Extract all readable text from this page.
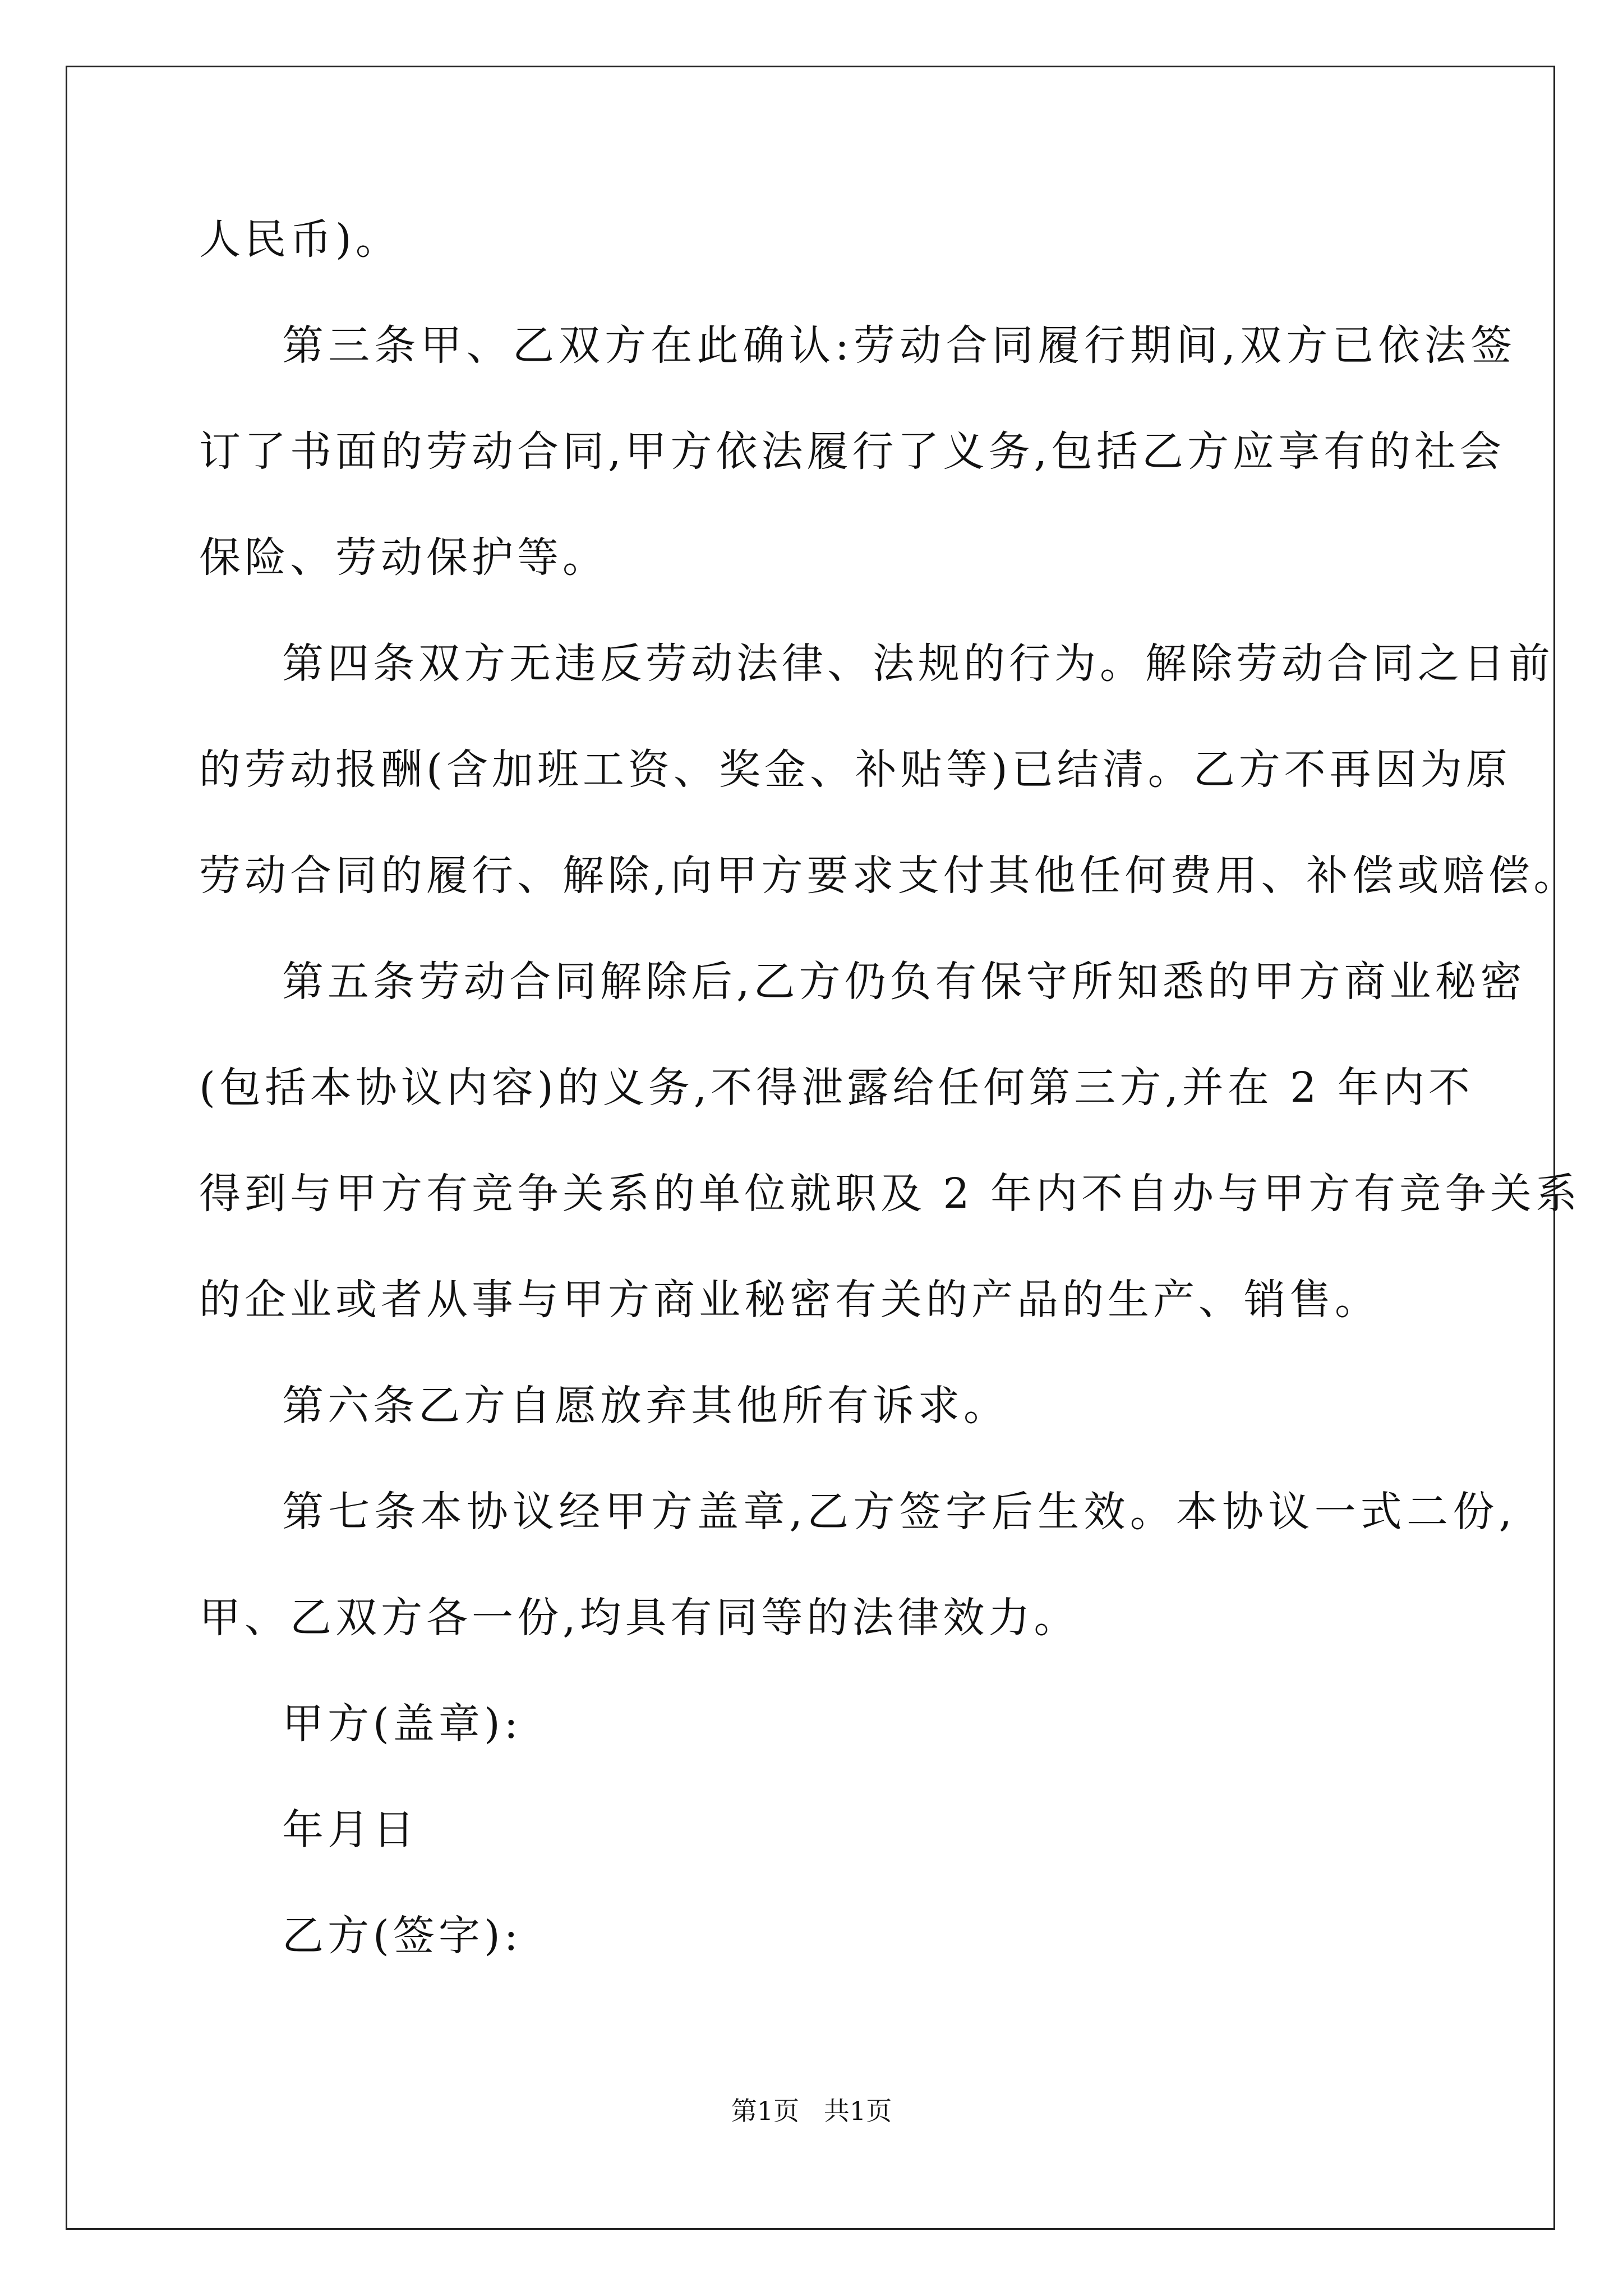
人民币)。
第三条甲、乙双方在此确认:劳动合同履行期间,双方已依法签
订了书面的劳动合同,甲方依法履行了义务,包括乙方应享有的社会
保险、劳动保护等。
第四条双方无违反劳动法律、法规的行为。解除劳动合同之日前
的劳动报酬(含加班工资、奖金、补贴等)已结清。乙方不再因为原
劳动合同的履行、解除,向甲方要求支付其他任何费用、补偿或赔偿。
第五条劳动合同解除后,乙方仍负有保守所知悉的甲方商业秘密
(包括本协议内容)的义务,不得泄露给任何第三方,并在 2 年内不
得到与甲方有竞争关系的单位就职及 2 年内不自办与甲方有竞争关系
的企业或者从事与甲方商业秘密有关的产品的生产、销售。
第六条乙方自愿放弃其他所有诉求。
第七条本协议经甲方盖章,乙方签字后生效。本协议一式二份,
甲、乙双方各一份,均具有同等的法律效力。
甲方(盖章):
年月日
乙方(签字):
第1页   共1页
